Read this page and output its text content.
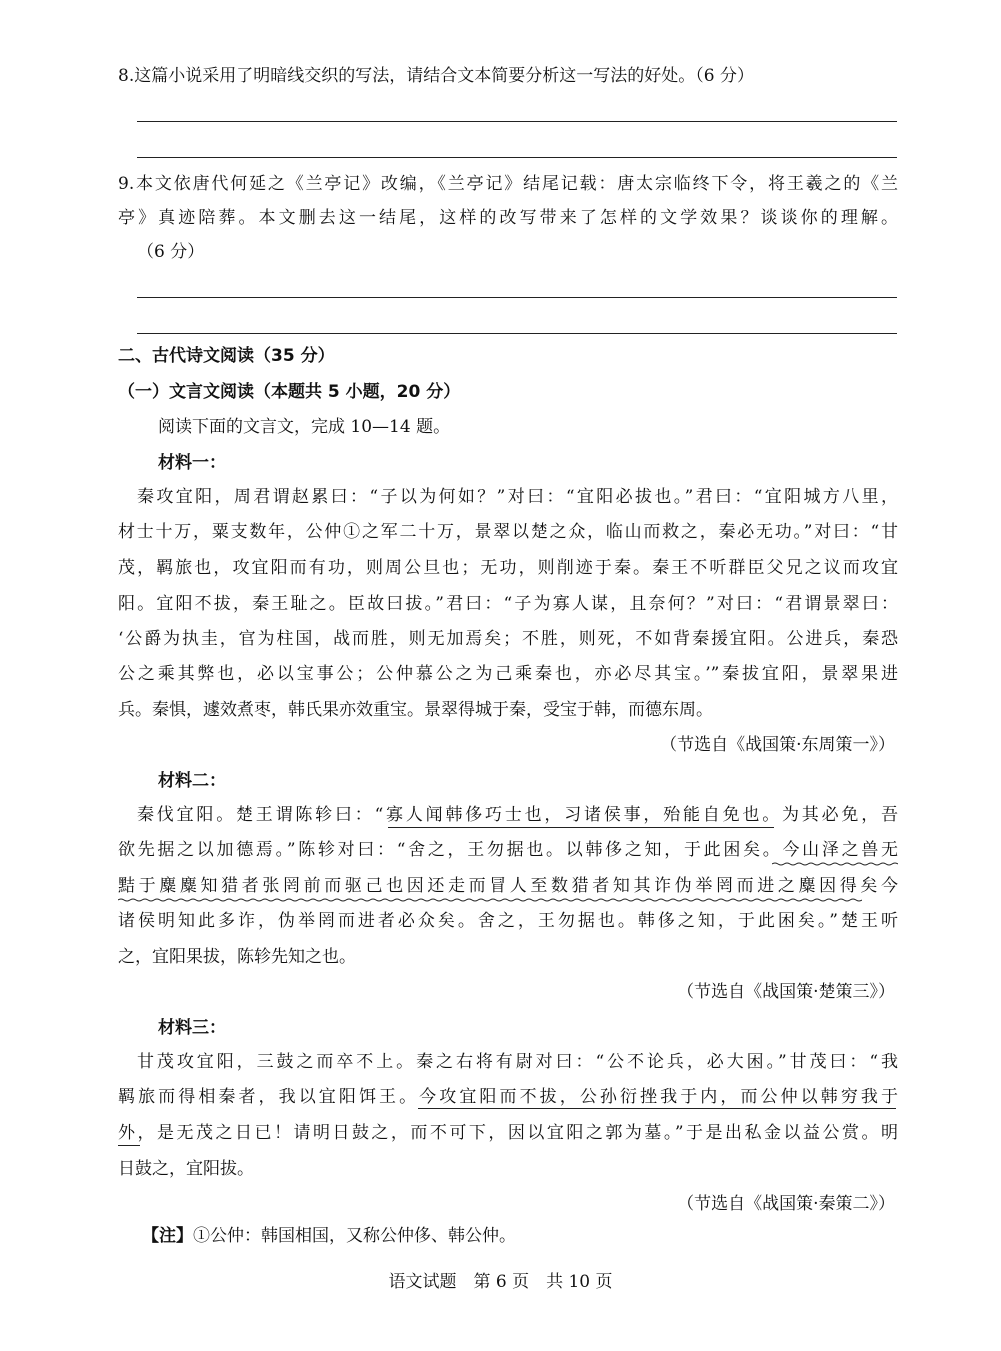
8.这篇小说采用了明暗线交织的写法，请结合文本简要分析这一写法的好处。（6 分）
9.本文依唐代何延之《兰亭记》改编，《兰亭记》结尾记载：唐太宗临终下令，将王羲之的《兰
亭》真迹陪葬。本文删去这一结尾，这样的改写带来了怎样的文学效果？谈谈你的理解。
（6 分）
二、古代诗文阅读（35 分）
（一）文言文阅读（本题共 5 小题，20 分）
阅读下面的文言文，完成 10—14 题。
材料一：
秦攻宜阳，周君谓赵累曰：“子以为何如？”对曰：“宜阳必拔也。”君曰：“宜阳城方八里，
材士十万，粟支数年，公仲①之军二十万，景翠以楚之众，临山而救之，秦必无功。”对曰：“甘
茂，羁旅也，攻宜阳而有功，则周公旦也；无功，则削迹于秦。秦王不听群臣父兄之议而攻宜
阳。宜阳不拔，秦王耻之。臣故曰拔。”君曰：“子为寡人谋，且奈何？”对曰：“君谓景翠曰：
‘公爵为执圭，官为柱国，战而胜，则无加焉矣；不胜，则死，不如背秦援宜阳。公进兵，秦恐
公之乘其弊也，必以宝事公；公仲慕公之为己乘秦也，亦必尽其宝。’”秦拔宜阳，景翠果进
兵。秦惧，遽效煮枣，韩氏果亦效重宝。景翠得城于秦，受宝于韩，而德东周。
（节选自《战国策·东周策一》）
材料二：
秦伐宜阳。楚王谓陈轸曰：“寡人闻韩侈巧士也，习诸侯事，殆能自免也。为其必免，吾
欲先据之以加德焉。”陈轸对曰：“舍之，王勿据也。以韩侈之知，于此困矣。今山泽之兽无
黠于麋麋知猎者张罔前而驱己也因还走而冒人至数猎者知其诈伪举罔而进之麋因得矣今
诸侯明知此多诈，伪举罔而进者必众矣。舍之，王勿据也。韩侈之知，于此困矣。”楚王听
之，宜阳果拔，陈轸先知之也。
（节选自《战国策·楚策三》）
材料三：
甘茂攻宜阳，三鼓之而卒不上。秦之右将有尉对曰：“公不论兵，必大困。”甘茂曰：“我
羁旅而得相秦者，我以宜阳饵王。今攻宜阳而不拔，公孙衍挫我于内，而公仲以韩穷我于
外，是无茂之日已！请明日鼓之，而不可下，因以宜阳之郭为墓。”于是出私金以益公赏。明
日鼓之，宜阳拔。
（节选自《战国策·秦策二》）
【注】①公仲：韩国相国，又称公仲侈、韩公仲。
语文试题　第 6 页　共 10 页
